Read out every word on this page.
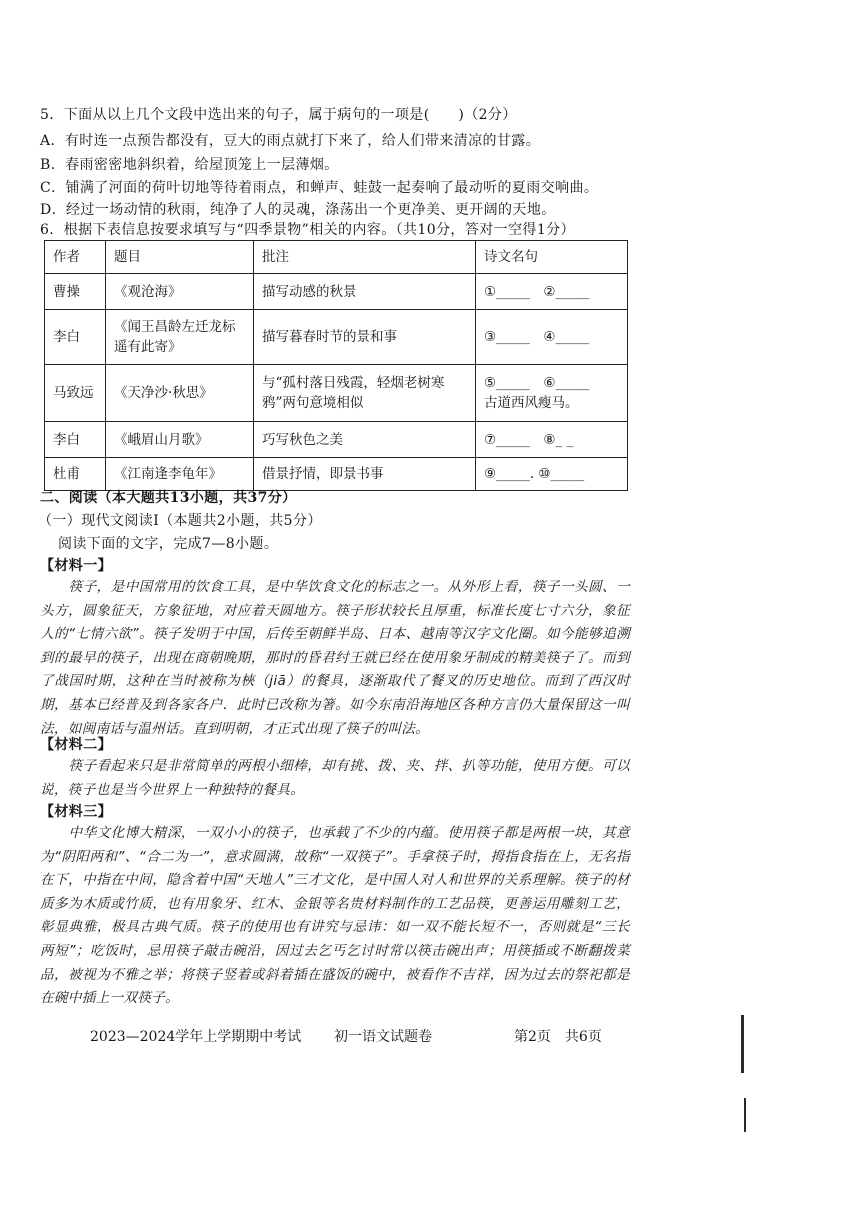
5．下面从以上几个文段中选出来的句子，属于病句的一项是(　　)（2分）
A．有时连一点预告都没有，豆大的雨点就打下来了，给人们带来清凉的甘露。
B．春雨密密地斜织着，给屋顶笼上一层薄烟。
C．铺满了河面的荷叶切地等待着雨点，和蝉声、蛙鼓一起奏响了最动听的夏雨交响曲。
D．经过一场动情的秋雨，纯净了人的灵魂，涤荡出一个更净美、更开阔的天地。
6．根据下表信息按要求填写与“四季景物”相关的内容。（共10分，答对一空得1分）
作者	题目	批注	诗文名句
曹操	《观沧海》	描写动感的秋景	①_____　②_____
李白	《闻王昌龄左迁龙标遥有此寄》	描写暮春时节的景和事	③_____　④_____
马致远	《天净沙·秋思》	与“孤村落日残霞，轻烟老树寒鸦”两句意境相似	⑤_____　⑥_____
古道西风瘦马。
李白	《峨眉山月歌》	巧写秋色之美	⑦_____　⑧_ _
杜甫	《江南逢李龟年》	借景抒情，即景书事	⑨_____. ⑩_____
二、阅读（本大题共13小题，共37分）
（一）现代文阅读Ⅰ（本题共2小题，共5分）
阅读下面的文字，完成7—8小题。
【材料一】
筷子，是中国常用的饮食工具，是中华饮食文化的标志之一。从外形上看，筷子一头圆、一头方，圆象征天，方象征地，对应着天圆地方。筷子形状较长且厚重，标准长度七寸六分，象征人的“七情六欲”。筷子发明于中国，后传至朝鲜半岛、日本、越南等汉字文化圈。如今能够追溯到的最早的筷子，出现在商朝晚期，那时的昏君纣王就已经在使用象牙制成的精美筷子了。而到了战国时期，这种在当时被称为梜（jiā）的餐具，逐渐取代了餐叉的历史地位。而到了西汉时期，基本已经普及到各家各户．此时已改称为箸。如今东南沿海地区各种方言仍大量保留这一叫法，如闽南话与温州话。直到明朝，才正式出现了筷子的叫法。
【材料二】
筷子看起来只是非常简单的两根小细棒，却有挑、拨、夹、拌、扒等功能，使用方便。可以说，筷子也是当今世界上一种独特的餐具。
【材料三】
中华文化博大精深，一双小小的筷子，也承载了不少的内蕴。使用筷子都是两根一块，其意为“阴阳两和”、“合二为一”，意求圆满，故称“一双筷子”。手拿筷子时，拇指食指在上，无名指在下，中指在中间，隐含着中国“天地人”三才文化，是中国人对人和世界的关系理解。筷子的材质多为木质或竹质，也有用象牙、红木、金银等名贵材料制作的工艺品筷，更善运用雕刻工艺，彰显典雅，极具古典气质。筷子的使用也有讲究与忌讳：如一双不能长短不一，否则就是“三长两短”；吃饭时，忌用筷子敲击碗沿，因过去乞丐乞讨时常以筷击碗出声；用筷插或不断翻拨菜品，被视为不雅之举；将筷子竖着或斜着插在盛饭的碗中，被看作不吉祥，因为过去的祭祀都是在碗中插上一双筷子。
2023—2024学年上学期期中考试 初一语文试题卷	第2页　共6页
